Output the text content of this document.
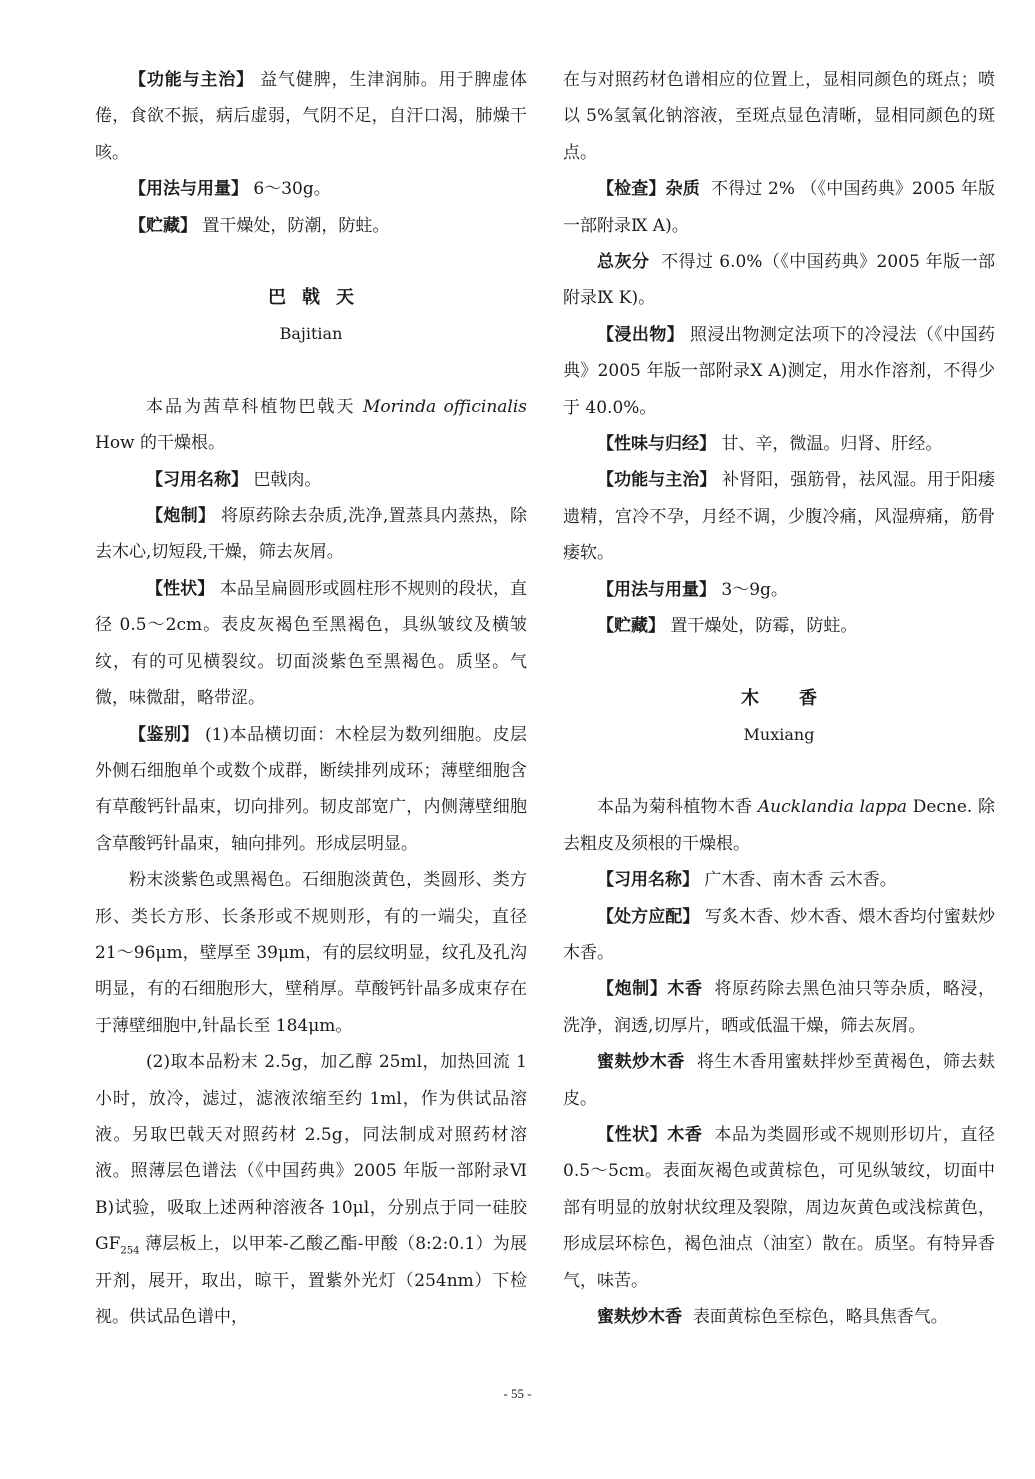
【功能与主治】 益气健脾，生津润肺。用于脾虚体倦，食欲不振，病后虚弱，气阴不足，自汗口渴，肺燥干咳。

【用法与用量】 6～30g。

【贮藏】 置干燥处，防潮，防蛀。

巴戟天

Bajitian

本品为茜草科植物巴戟天 Morinda officinalis How 的干燥根。

【习用名称】 巴戟肉。

【炮制】 将原药除去杂质,洗净,置蒸具内蒸热，除去木心,切短段,干燥，筛去灰屑。

【性状】 本品呈扁圆形或圆柱形不规则的段状，直径 0.5～2cm。表皮灰褐色至黑褐色，具纵皱纹及横皱纹，有的可见横裂纹。切面淡紫色至黑褐色。质坚。气微，味微甜，略带涩。

【鉴别】 (1)本品横切面：木栓层为数列细胞。皮层外侧石细胞单个或数个成群，断续排列成环；薄壁细胞含有草酸钙针晶束，切向排列。韧皮部宽广，内侧薄壁细胞含草酸钙针晶束，轴向排列。形成层明显。

粉末淡紫色或黑褐色。石细胞淡黄色，类圆形、类方形、类长方形、长条形或不规则形，有的一端尖，直径 21～96μm，壁厚至 39μm，有的层纹明显，纹孔及孔沟明显，有的石细胞形大，壁稍厚。草酸钙针晶多成束存在于薄壁细胞中,针晶长至 184μm。

(2)取本品粉末 2.5g，加乙醇 25ml，加热回流 1 小时，放冷，滤过，滤液浓缩至约 1ml，作为供试品溶液。另取巴戟天对照药材 2.5g，同法制成对照药材溶液。照薄层色谱法（《中国药典》2005 年版一部附录Ⅵ B)试验，吸取上述两种溶液各 10μl，分别点于同一硅胶 $GF_{254}$ 薄层板上，以甲苯-乙酸乙酯-甲酸（8:2:0.1）为展开剂，展开，取出，晾干，置紫外光灯（254nm）下检视。供试品色谱中，

在与对照药材色谱相应的位置上，显相同颜色的斑点；喷以 5%氢氧化钠溶液，至斑点显色清晰，显相同颜色的斑点。

【检查】杂质 不得过 2% （《中国药典》2005 年版一部附录Ⅸ A)。

总灰分 不得过 6.0%（《中国药典》2005 年版一部附录Ⅸ K)。

【浸出物】 照浸出物测定法项下的冷浸法（《中国药典》2005 年版一部附录Ⅹ A)测定，用水作溶剂，不得少于 40.0%。

【性味与归经】 甘、辛，微温。归肾、肝经。

【功能与主治】 补肾阳，强筋骨，祛风湿。用于阳痿遗精，宫冷不孕，月经不调，少腹冷痛，风湿痹痛，筋骨痿软。

【用法与用量】 3～9g。

【贮藏】 置干燥处，防霉，防蛀。

木香

Muxiang

本品为菊科植物木香 Aucklandia lappa Decne. 除去粗皮及须根的干燥根。

【习用名称】 广木香、南木香 云木香。

【处方应配】 写炙木香、炒木香、煨木香均付蜜麸炒木香。

【炮制】木香 将原药除去黑色油只等杂质，略浸，洗净，润透,切厚片，晒或低温干燥，筛去灰屑。

蜜麸炒木香 将生木香用蜜麸拌炒至黄褐色，筛去麸皮。

【性状】木香 本品为类圆形或不规则形切片，直径0.5～5cm。表面灰褐色或黄棕色，可见纵皱纹，切面中部有明显的放射状纹理及裂隙，周边灰黄色或浅棕黄色，形成层环棕色，褐色油点（油室）散在。质坚。有特异香气，味苦。

蜜麸炒木香 表面黄棕色至棕色，略具焦香气。

- 55 -
